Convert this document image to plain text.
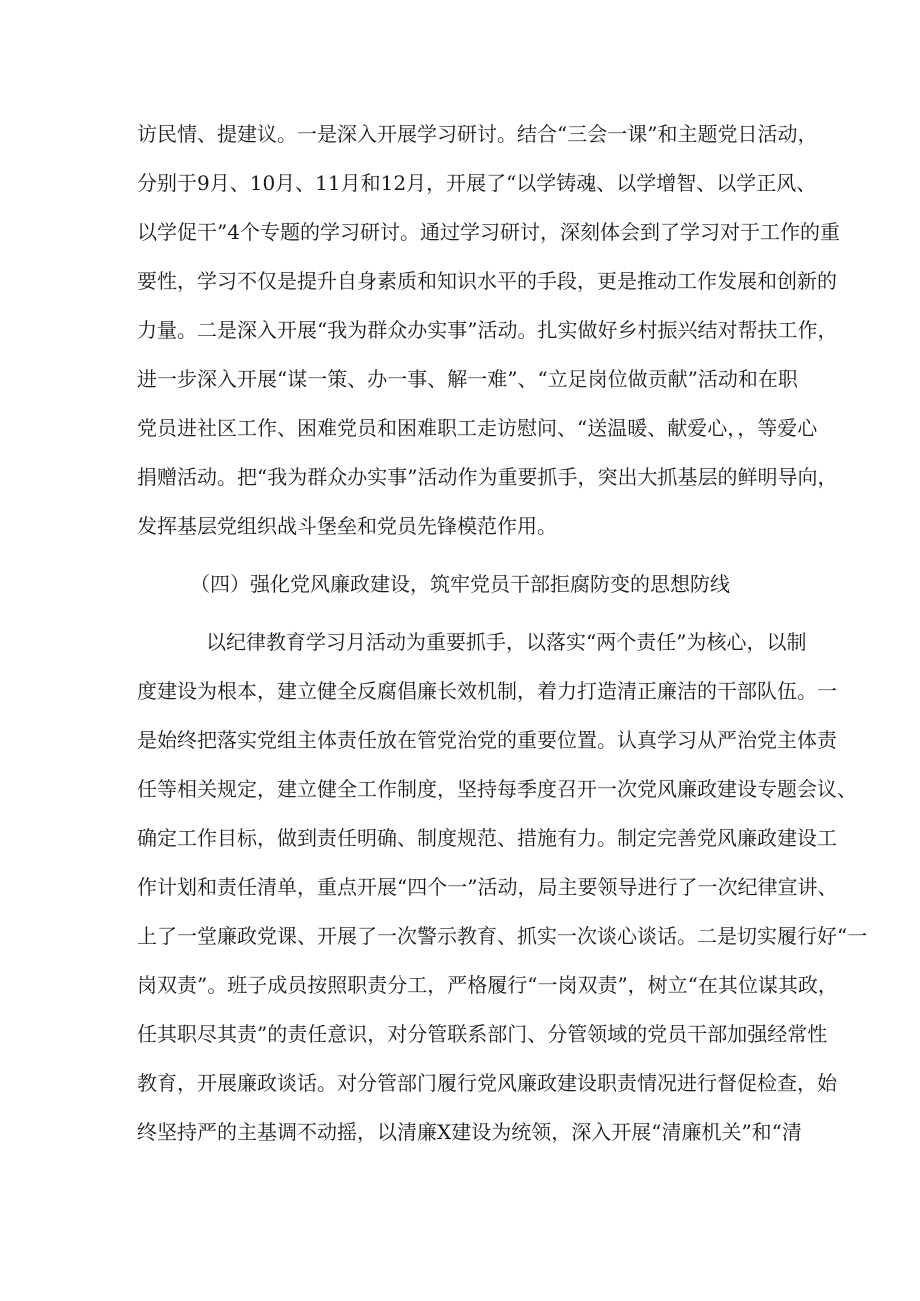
访民情、提建议。一是深入开展学习研讨。结合“三会一课”和主题党日活动，
分别于9月、10月、11月和12月，开展了“以学铸魂、以学增智、以学正风、
以学促干”4个专题的学习研讨。通过学习研讨，深刻体会到了学习对于工作的重
要性，学习不仅是提升自身素质和知识水平的手段，更是推动工作发展和创新的
力量。二是深入开展“我为群众办实事”活动。扎实做好乡村振兴结对帮扶工作，
进一步深入开展“谋一策、办一事、解一难”、“立足岗位做贡献”活动和在职
党员进社区工作、困难党员和困难职工走访慰问、“送温暖、献爱心，，等爱心
捐赠活动。把“我为群众办实事”活动作为重要抓手，突出大抓基层的鲜明导向，
发挥基层党组织战斗堡垒和党员先锋模范作用。
（四）强化党风廉政建设，筑牢党员干部拒腐防变的思想防线
以纪律教育学习月活动为重要抓手，以落实“两个责任”为核心，以制
度建设为根本，建立健全反腐倡廉长效机制，着力打造清正廉洁的干部队伍。一
是始终把落实党组主体责任放在管党治党的重要位置。认真学习从严治党主体责
任等相关规定，建立健全工作制度，坚持每季度召开一次党风廉政建设专题会议、
确定工作目标，做到责任明确、制度规范、措施有力。制定完善党风廉政建设工
作计划和责任清单，重点开展“四个一”活动，局主要领导进行了一次纪律宣讲、
上了一堂廉政党课、开展了一次警示教育、抓实一次谈心谈话。二是切实履行好“一
岗双责”。班子成员按照职责分工，严格履行“一岗双责”，树立“在其位谋其政，
任其职尽其责”的责任意识，对分管联系部门、分管领域的党员干部加强经常性
教育，开展廉政谈话。对分管部门履行党风廉政建设职责情况进行督促检查，始
终坚持严的主基调不动摇，以清廉X建设为统领，深入开展“清廉机关”和“清
